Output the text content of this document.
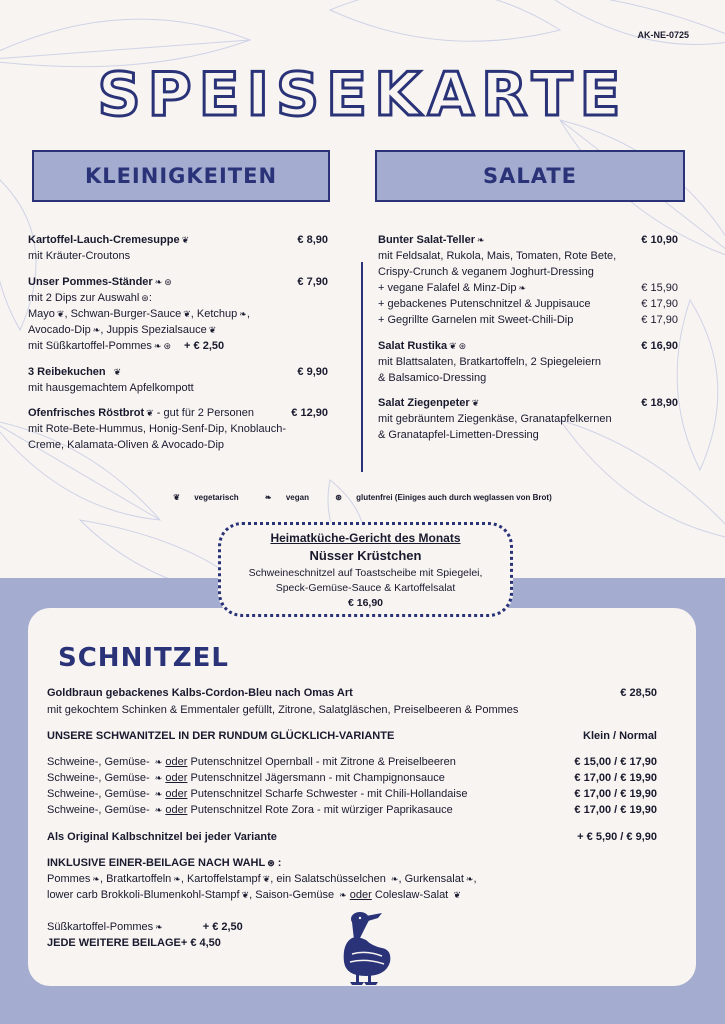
AK-NE-0725
SPEISEKARTE
KLEINIGKEITEN	SALATE
Kartoffel-Lauch-Cremesuppe ❦	€ 8,90
mit Kräuter-Croutons
Unser Pommes-Ständer ❧ ⊛	€ 7,90
mit 2 Dips zur Auswahl ⊛:
Mayo ❦, Schwan-Burger-Sauce ❦, Ketchup ❧,
Avocado-Dip ❧, Juppis Spezialsauce ❦
mit Süßkartoffel-Pommes ❧ ⊛ + € 2,50
3 Reibekuchen ❦	€ 9,90
mit hausgemachtem Apfelkompott
Ofenfrisches Röstbrot ❦ - gut für 2 Personen	€ 12,90
mit Rote-Bete-Hummus, Honig-Senf-Dip, Knoblauch-
Creme, Kalamata-Oliven & Avocado-Dip
Bunter Salat-Teller ❧	€ 10,90
mit Feldsalat, Rukola, Mais, Tomaten, Rote Bete,
Crispy-Crunch & veganem Joghurt-Dressing
+ vegane Falafel & Minz-Dip ❧	€ 15,90
+ gebackenes Putenschnitzel & Juppisauce	€ 17,90
+ Gegrillte Garnelen mit Sweet-Chili-Dip	€ 17,90
Salat Rustika ❦ ⊛	€ 16,90
mit Blattsalaten, Bratkartoffeln, 2 Spiegeleiern
& Balsamico-Dressing
Salat Ziegenpeter ❦	€ 18,90
mit gebräuntem Ziegenkäse, Granatapfelkernen
& Granatapfel-Limetten-Dressing
❦ vegetarisch	❧ vegan	⊛ glutenfrei (Einiges auch durch weglassen von Brot)
Heimatküche-Gericht des Monats
Nüsser Krüstchen
Schweineschnitzel auf Toastscheibe mit Spiegelei,
Speck-Gemüse-Sauce & Kartoffelsalat
€ 16,90
SCHNITZEL
Goldbraun gebackenes Kalbs-Cordon-Bleu nach Omas Art	€ 28,50
mit gekochtem Schinken & Emmentaler gefüllt, Zitrone, Salatgläschen, Preiselbeeren & Pommes
UNSERE SCHWANITZEL IN DER RUNDUM GLÜCKLICH-VARIANTE	Klein / Normal
Schweine-, Gemüse- ❧ oder Putenschnitzel Opernball - mit Zitrone & Preiselbeeren	€ 15,00 / € 17,90
Schweine-, Gemüse- ❧ oder Putenschnitzel Jägersmann - mit Champignonsauce	€ 17,00 / € 19,90
Schweine-, Gemüse- ❧ oder Putenschnitzel Scharfe Schwester - mit Chili-Hollandaise	€ 17,00 / € 19,90
Schweine-, Gemüse- ❧ oder Putenschnitzel Rote Zora - mit würziger Paprikasauce	€ 17,00 / € 19,90
Als Original Kalbschnitzel bei jeder Variante	+ € 5,90 / € 9,90
INKLUSIVE EINER-BEILAGE NACH WAHL ⊛ :
Pommes ❧, Bratkartoffeln ❧, Kartoffelstampf ❦, ein Salatschüsselchen ❧, Gurkensalat ❧,
lower carb Brokkoli-Blumenkohl-Stampf ❦, Saison-Gemüse ❧ oder Coleslaw-Salat ❦
Süßkartoffel-Pommes ❧	+ € 2,50
JEDE WEITERE BEILAGE+ € 4,50
